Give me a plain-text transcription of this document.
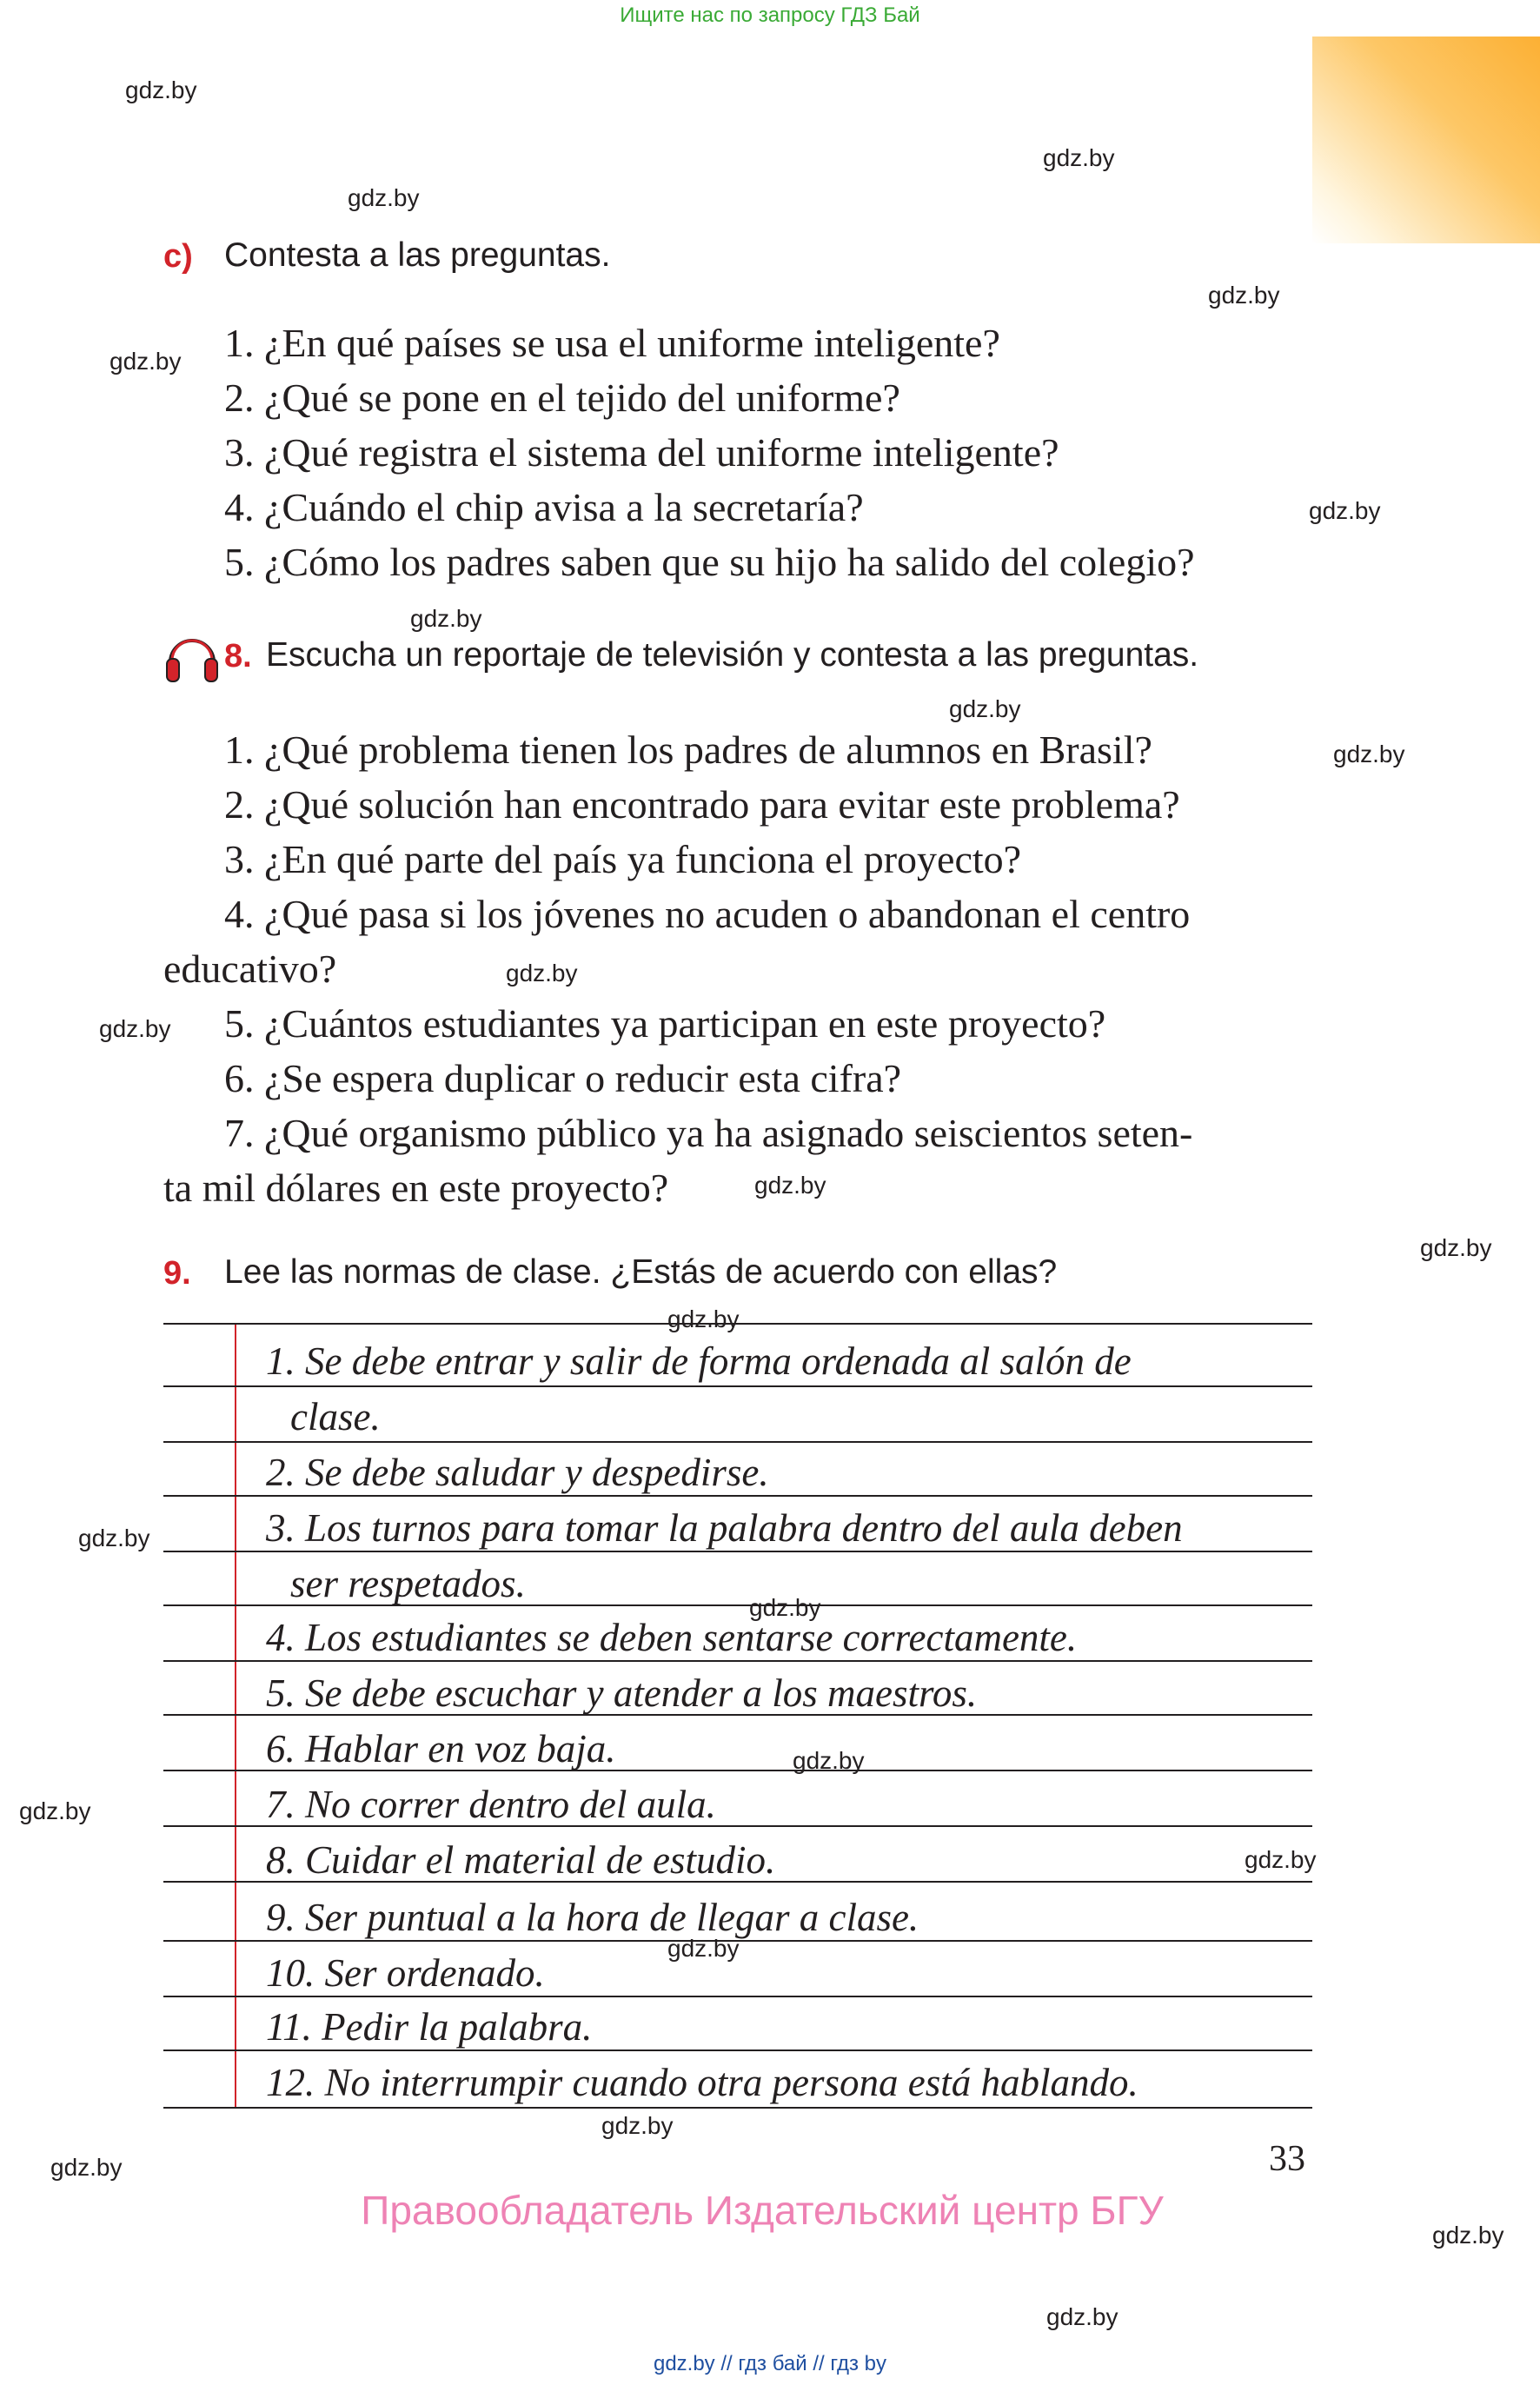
Ищите нас по запросу ГДЗ Бай
gdz.by
gdz.by
gdz.by
gdz.by
gdz.by
gdz.by
gdz.by
gdz.by
gdz.by
gdz.by
gdz.by
gdz.by
gdz.by
gdz.by
gdz.by
gdz.by
gdz.by
gdz.by
gdz.by
gdz.by
gdz.by
gdz.by
gdz.by
gdz.by
c) Contesta a las preguntas.
1. ¿En qué países se usa el uniforme inteligente?
2. ¿Qué se pone en el tejido del uniforme?
3. ¿Qué registra el sistema del uniforme inteligente?
4. ¿Cuándo el chip avisa a la secretaría?
5. ¿Cómo los padres saben que su hijo ha salido del colegio?
8. Escucha un reportaje de televisión y contesta a las preguntas.
1. ¿Qué problema tienen los padres de alumnos en Brasil?
2. ¿Qué solución han encontrado para evitar este problema?
3. ¿En qué parte del país ya funciona el proyecto?
4. ¿Qué pasa si los jóvenes no acuden o abandonan el centro
educativo?
5. ¿Cuántos estudiantes ya participan en este proyecto?
6. ¿Se espera duplicar o reducir esta cifra?
7. ¿Qué organismo público ya ha asignado seiscientos seten-
ta mil dólares en este proyecto?
9. Lee las normas de clase. ¿Estás de acuerdo con ellas?
1. Se debe entrar y salir de forma ordenada al salón de
clase.
2. Se debe saludar y despedirse.
3. Los turnos para tomar la palabra dentro del aula deben
ser respetados.
4. Los estudiantes se deben sentarse correctamente.
5. Se debe escuchar y atender a los maestros.
6. Hablar en voz baja.
7. No correr dentro del aula.
8. Cuidar el material de estudio.
9. Ser puntual a la hora de llegar a clase.
10. Ser ordenado.
11. Pedir la palabra.
12. No interrumpir cuando otra persona está hablando.
33
Правообладатель Издательский центр БГУ
gdz.by // гдз бай // гдз by
